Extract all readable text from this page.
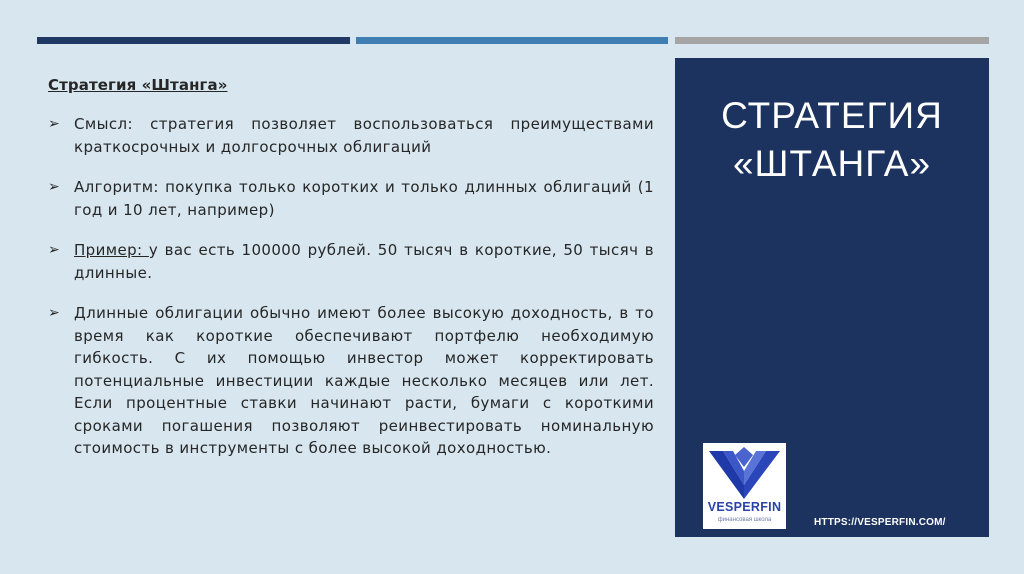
Стратегия «Штанга»
➢ Смысл: стратегия позволяет воспользоваться преимуществами краткосрочных и долгосрочных облигаций
➢ Алгоритм: покупка только коротких и только длинных облигаций (1 год и 10 лет, например)
➢ Пример: у вас есть 100000 рублей. 50 тысяч в короткие, 50 тысяч в длинные.
➢ Длинные облигации обычно имеют более высокую доходность, в то время как короткие обеспечивают портфелю необходимую гибкость. С их помощью инвестор может корректировать потенциальные инвестиции каждые несколько месяцев или лет. Если процентные ставки начинают расти, бумаги с короткими сроками погашения позволяют реинвестировать номинальную стоимость в инструменты с более высокой доходностью.
СТРАТЕГИЯ
«ШТАНГА»
VESPERFIN
финансовая школа	HTTPS://VESPERFIN.COM/
